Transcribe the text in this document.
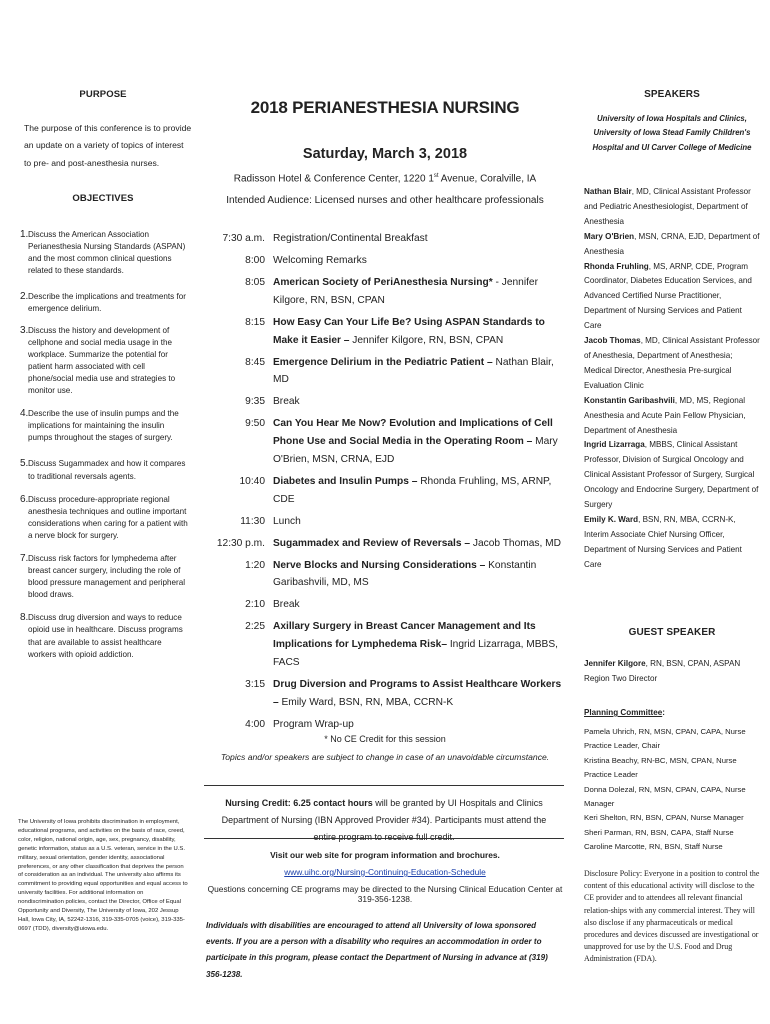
PURPOSE
The purpose of this conference is to provide an update on a variety of topics of interest to pre- and post-anesthesia nurses.
OBJECTIVES
1. Discuss the American Association Perianesthesia Nursing Standards (ASPAN) and the most common clinical questions related to these standards.
2. Describe the implications and treatments for emergence delirium.
3. Discuss the history and development of cellphone and social media usage in the workplace. Summarize the potential for patient harm associated with cell phone/social media use and strategies to monitor use.
4. Describe the use of insulin pumps and the implications for maintaining the insulin pumps throughout the stages of surgery.
5. Discuss Sugammadex and how it compares to traditional reversals agents.
6. Discuss procedure-appropriate regional anesthesia techniques and outline important considerations when caring for a patient with a nerve block for surgery.
7. Discuss risk factors for lymphedema after breast cancer surgery, including the role of blood pressure management and peripheral blood draws.
8. Discuss drug diversion and ways to reduce opioid use in healthcare. Discuss programs that are available to assist healthcare workers with opioid addiction.
The University of Iowa prohibits discrimination in employment, educational programs, and activities on the basis of race, creed, color, religion, national origin, age, sex, pregnancy, disability, genetic information, status as a U.S. veteran, service in the U.S. military, sexual orientation, gender identity, associational preferences, or any other classification that deprives the person of consideration as an individual. The university also affirms its commitment to providing equal opportunities and equal access to university facilities. For additional information on nondiscrimination policies, contact the Director, Office of Equal Opportunity and Diversity, The University of Iowa, 202 Jessup Hall, Iowa City, IA, 52242-1316, 319-335-0705 (voice), 319-335-0697 (TDD), diversity@uiowa.edu.
2018 PERIANESTHESIA NURSING
Saturday, March 3, 2018
Radisson Hotel & Conference Center, 1220 1st Avenue, Coralville, IA
Intended Audience: Licensed nurses and other healthcare professionals
7:30 a.m. Registration/Continental Breakfast
8:00 Welcoming Remarks
8:05 American Society of PeriAnesthesia Nursing* - Jennifer Kilgore, RN, BSN, CPAN
8:15 How Easy Can Your Life Be? Using ASPAN Standards to Make it Easier – Jennifer Kilgore, RN, BSN, CPAN
8:45 Emergence Delirium in the Pediatric Patient – Nathan Blair, MD
9:35 Break
9:50 Can You Hear Me Now? Evolution and Implications of Cell Phone Use and Social Media in the Operating Room – Mary O'Brien, MSN, CRNA, EJD
10:40 Diabetes and Insulin Pumps – Rhonda Fruhling, MS, ARNP, CDE
11:30 Lunch
12:30 p.m. Sugammadex and Review of Reversals – Jacob Thomas, MD
1:20 Nerve Blocks and Nursing Considerations – Konstantin Garibashvili, MD, MS
2:10 Break
2:25 Axillary Surgery in Breast Cancer Management and Its Implications for Lymphedema Risk– Ingrid Lizarraga, MBBS, FACS
3:15 Drug Diversion and Programs to Assist Healthcare Workers – Emily Ward, BSN, RN, MBA, CCRN-K
4:00 Program Wrap-up
* No CE Credit for this session
Topics and/or speakers are subject to change in case of an unavoidable circumstance.
Nursing Credit: 6.25 contact hours will be granted by UI Hospitals and Clinics Department of Nursing (IBN Approved Provider #34). Participants must attend the entire program to receive full credit.
Visit our web site for program information and brochures.
www.uihc.org/Nursing-Continuing-Education-Schedule
Questions concerning CE programs may be directed to the Nursing Clinical Education Center at 319-356-1238.
Individuals with disabilities are encouraged to attend all University of Iowa sponsored events. If you are a person with a disability who requires an accommodation in order to participate in this program, please contact the Department of Nursing in advance at (319) 356-1238.
SPEAKERS
University of Iowa Hospitals and Clinics, University of Iowa Stead Family Children's Hospital and UI Carver College of Medicine
Nathan Blair, MD, Clinical Assistant Professor and Pediatric Anesthesiologist, Department of Anesthesia
Mary O'Brien, MSN, CRNA, EJD, Department of Anesthesia
Rhonda Fruhling, MS, ARNP, CDE, Program Coordinator, Diabetes Education Services, and Advanced Certified Nurse Practitioner, Department of Nursing Services and Patient Care
Jacob Thomas, MD, Clinical Assistant Professor of Anesthesia, Department of Anesthesia; Medical Director, Anesthesia Pre-surgical Evaluation Clinic
Konstantin Garibashvili, MD, MS, Regional Anesthesia and Acute Pain Fellow Physician, Department of Anesthesia
Ingrid Lizarraga, MBBS, Clinical Assistant Professor, Division of Surgical Oncology and Clinical Assistant Professor of Surgery, Surgical Oncology and Endocrine Surgery, Department of Surgery
Emily K. Ward, BSN, RN, MBA, CCRN-K, Interim Associate Chief Nursing Officer, Department of Nursing Services and Patient Care
GUEST SPEAKER
Jennifer Kilgore, RN, BSN, CPAN, ASPAN Region Two Director
Planning Committee:
Pamela Uhrich, RN, MSN, CPAN, CAPA, Nurse Practice Leader, Chair
Kristina Beachy, RN-BC, MSN, CPAN, Nurse Practice Leader
Donna Dolezal, RN, MSN, CPAN, CAPA, Nurse Manager
Keri Shelton, RN, BSN, CPAN, Nurse Manager
Sheri Parman, RN, BSN, CAPA, Staff Nurse
Caroline Marcotte, RN, BSN, Staff Nurse
Disclosure Policy: Everyone in a position to control the content of this educational activity will disclose to the CE provider and to attendees all relevant financial relation-ships with any commercial interest. They will also disclose if any pharmaceuticals or medical procedures and devices discussed are investigational or unapproved for use by the U.S. Food and Drug Administration (FDA).
